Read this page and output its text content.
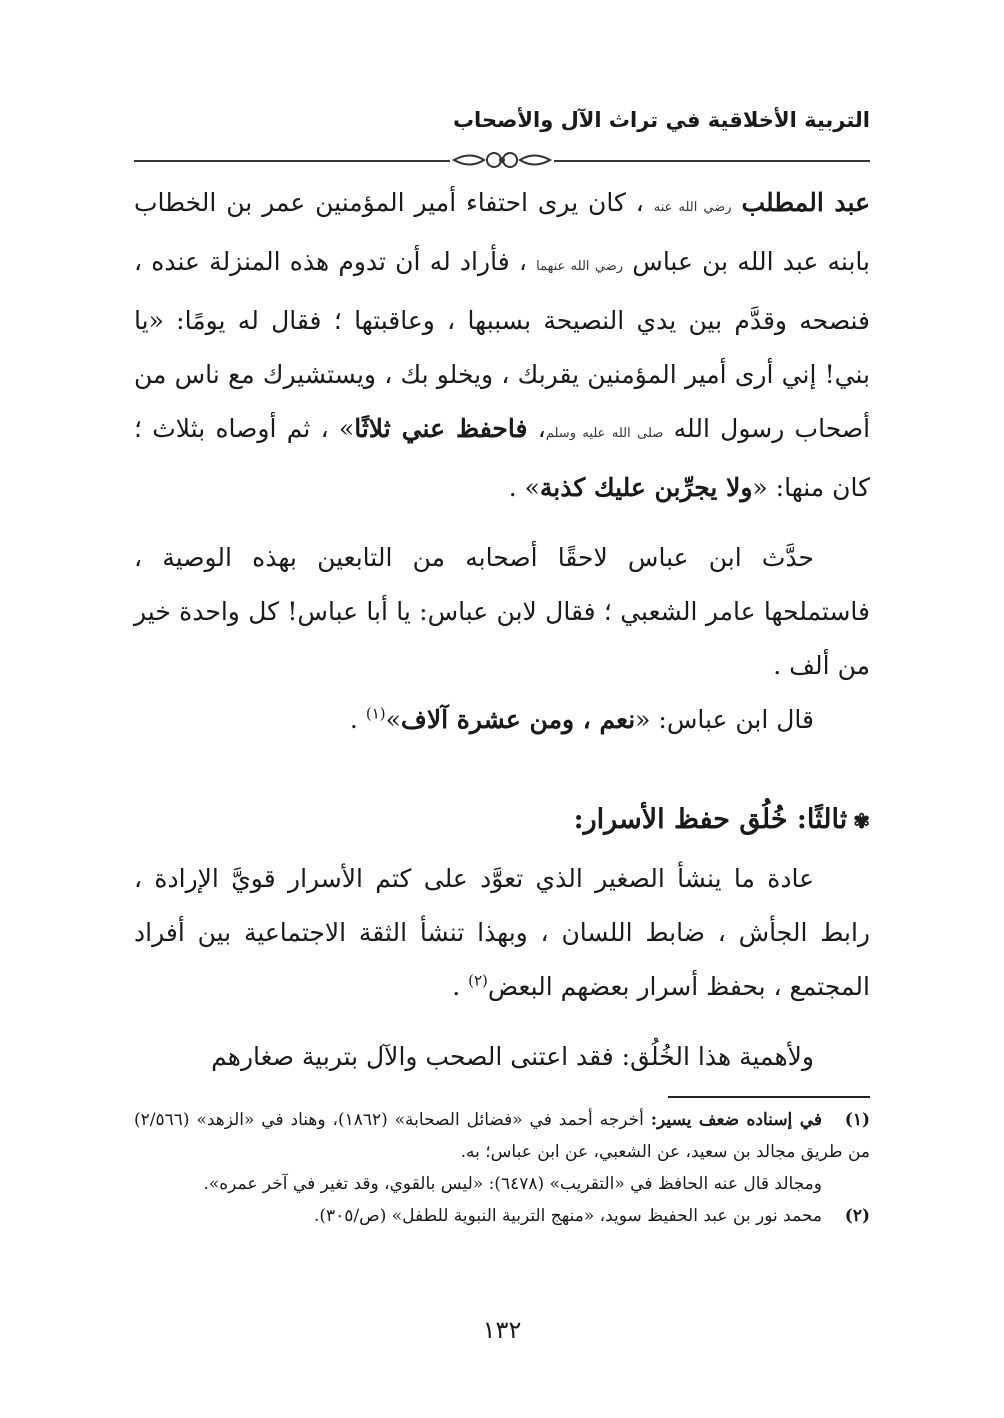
التربية الأخلاقية في تراث الآل والأصحاب

عبد المطلب رضي الله عنه ، كان يرى احتفاء أمير المؤمنين عمر بن الخطاب بابنه عبد الله بن عباس رضي الله عنهما ، فأراد له أن تدوم هذه المنزلة عنده ، فنصحه وقدَّم بين يدي النصيحة بسببها ، وعاقبتها ؛ فقال له يومًا: «يا بني! إني أرى أمير المؤمنين يقربك ، ويخلو بك ، ويستشيرك مع ناس من أصحاب رسول الله صلى الله عليه وسلم، فاحفظ عني ثلاثًا» ، ثم أوصاه بثلاث ؛ كان منها: «ولا يجرِّبن عليك كذبة» .

حدَّث ابن عباس لاحقًا أصحابه من التابعين بهذه الوصية ، فاستملحها عامر الشعبي ؛ فقال لابن عباس: يا أبا عباس! كل واحدة خير من ألف .

قال ابن عباس: «نعم ، ومن عشرة آلاف»$^{(١)}$ .

✾ثالثًا: خُلُق حفظ الأسرار:

عادة ما ينشأ الصغير الذي تعوَّد على كتم الأسرار قويَّ الإرادة ، رابط الجأش ، ضابط اللسان ، وبهذا تنشأ الثقة الاجتماعية بين أفراد المجتمع ، بحفظ أسرار بعضهم البعض$^{(٢)}$ .

ولأهمية هذا الخُلُق: فقد اعتنى الصحب والآل بتربية صغارهم

(١)في إسناده ضعف يسير: أخرجه أحمد في «فضائل الصحابة» (١٨٦٢)، وهناد في «الزهد» (٢/٥٦٦) من طريق مجالد بن سعيد، عن الشعبي، عن ابن عباس؛ به.

ومجالد قال عنه الحافظ في «التقريب» (٦٤٧٨): «ليس بالقوي، وقد تغير في آخر عمره».

(٢)محمد نور بن عبد الحفيظ سويد، «منهج التربية النبوية للطفل» (ص/٣٠٥).

١٣٢
